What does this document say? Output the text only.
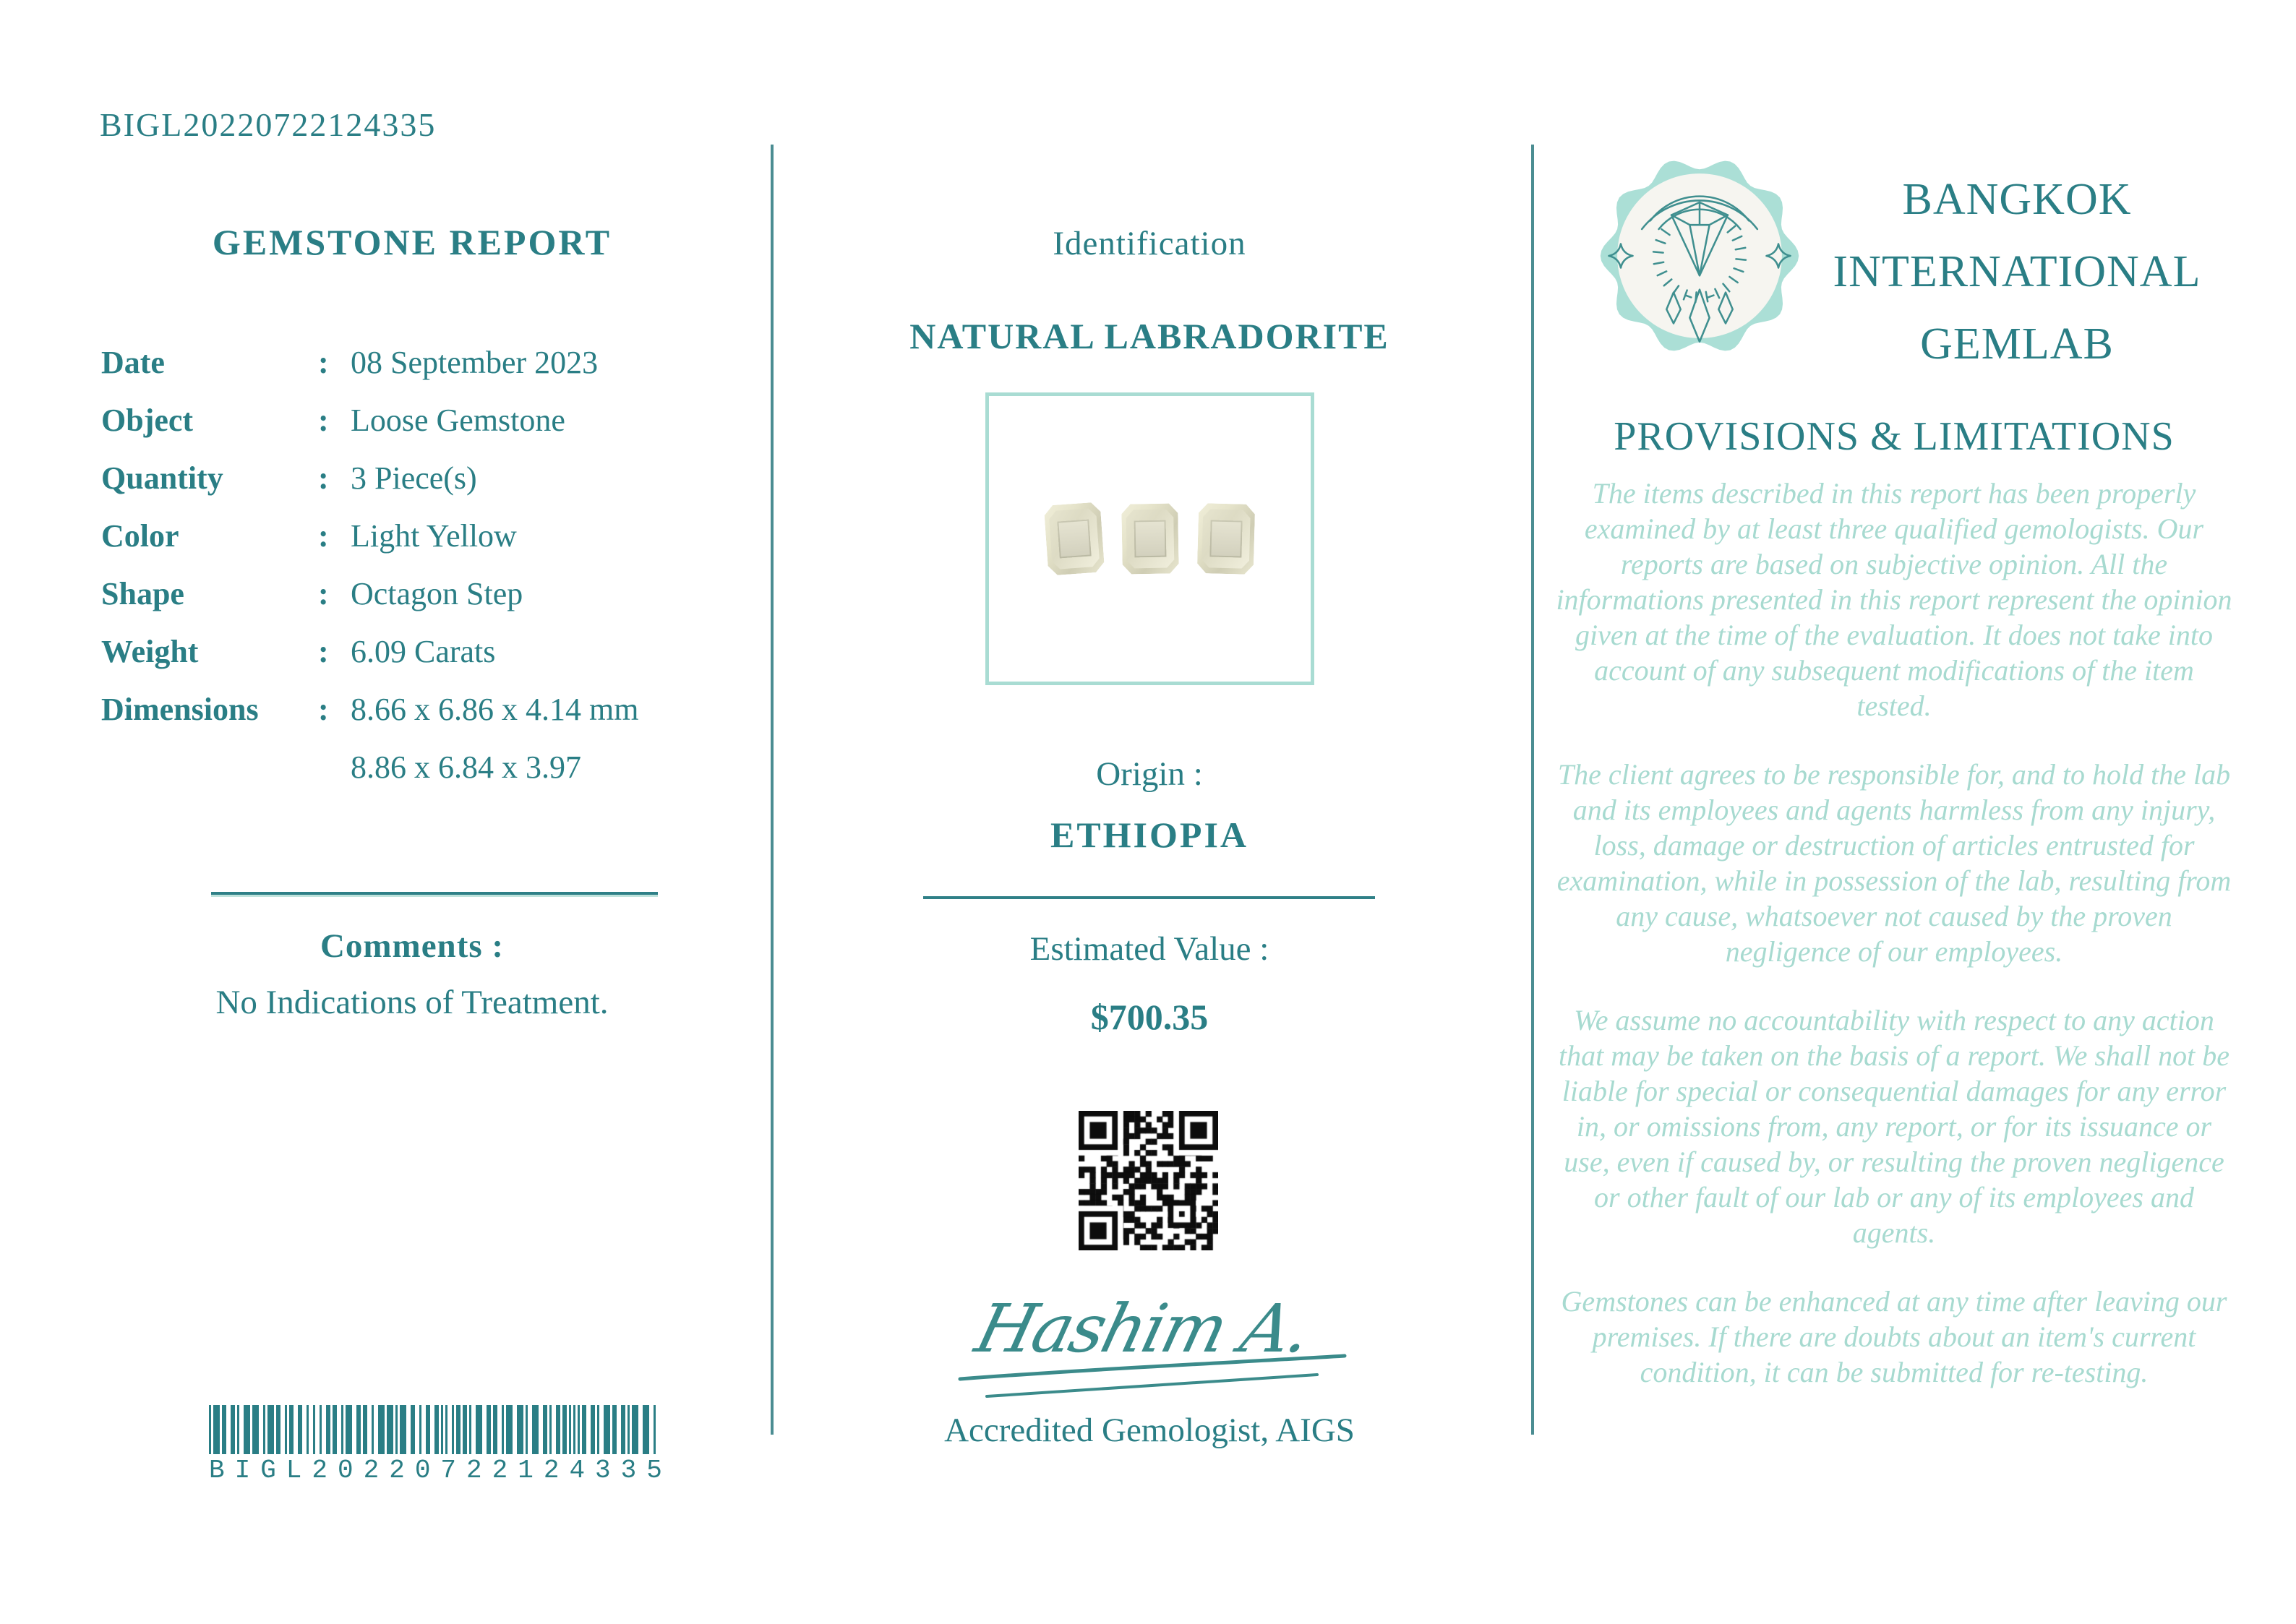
BIGL20220722124335
GEMSTONE REPORT
Date	: 08 September 2023
Object	: Loose Gemstone
Quantity	: 3 Piece(s)
Color	: Light Yellow
Shape	: Octagon Step
Weight	: 6.09 Carats
Dimensions	: 8.66 x 6.86 x 4.14 mm
8.86 x 6.84 x 3.97
Comments :
No Indications of Treatment.
BIGL20220722124335
Identification
NATURAL LABRADORITE
Origin :
ETHIOPIA
Estimated Value :
$700.35
Hashim A.
Accredited Gemologist, AIGS
BANGKOK
INTERNATIONAL
GEMLAB
PROVISIONS & LIMITATIONS

The items described in this report has been properly examined by at least three qualified gemologists. Our reports are based on subjective opinion. All the informations presented in this report represent the opinion given at the time of the evaluation. It does not take into account of any subsequent modifications of the item tested.

The client agrees to be responsible for, and to hold the lab and its employees and agents harmless from any injury, loss, damage or destruction of articles entrusted for examination, while in possession of the lab, resulting from any cause, whatsoever not caused by the proven negligence of our employees.

We assume no accountability with respect to any action that may be taken on the basis of a report. We shall not be liable for special or consequential damages for any error in, or omissions from, any report, or for its issuance or use, even if caused by, or resulting the proven negligence or other fault of our lab or any of its employees and agents.

Gemstones can be enhanced at any time after leaving our premises. If there are doubts about an item's current condition, it can be submitted for re-testing.
